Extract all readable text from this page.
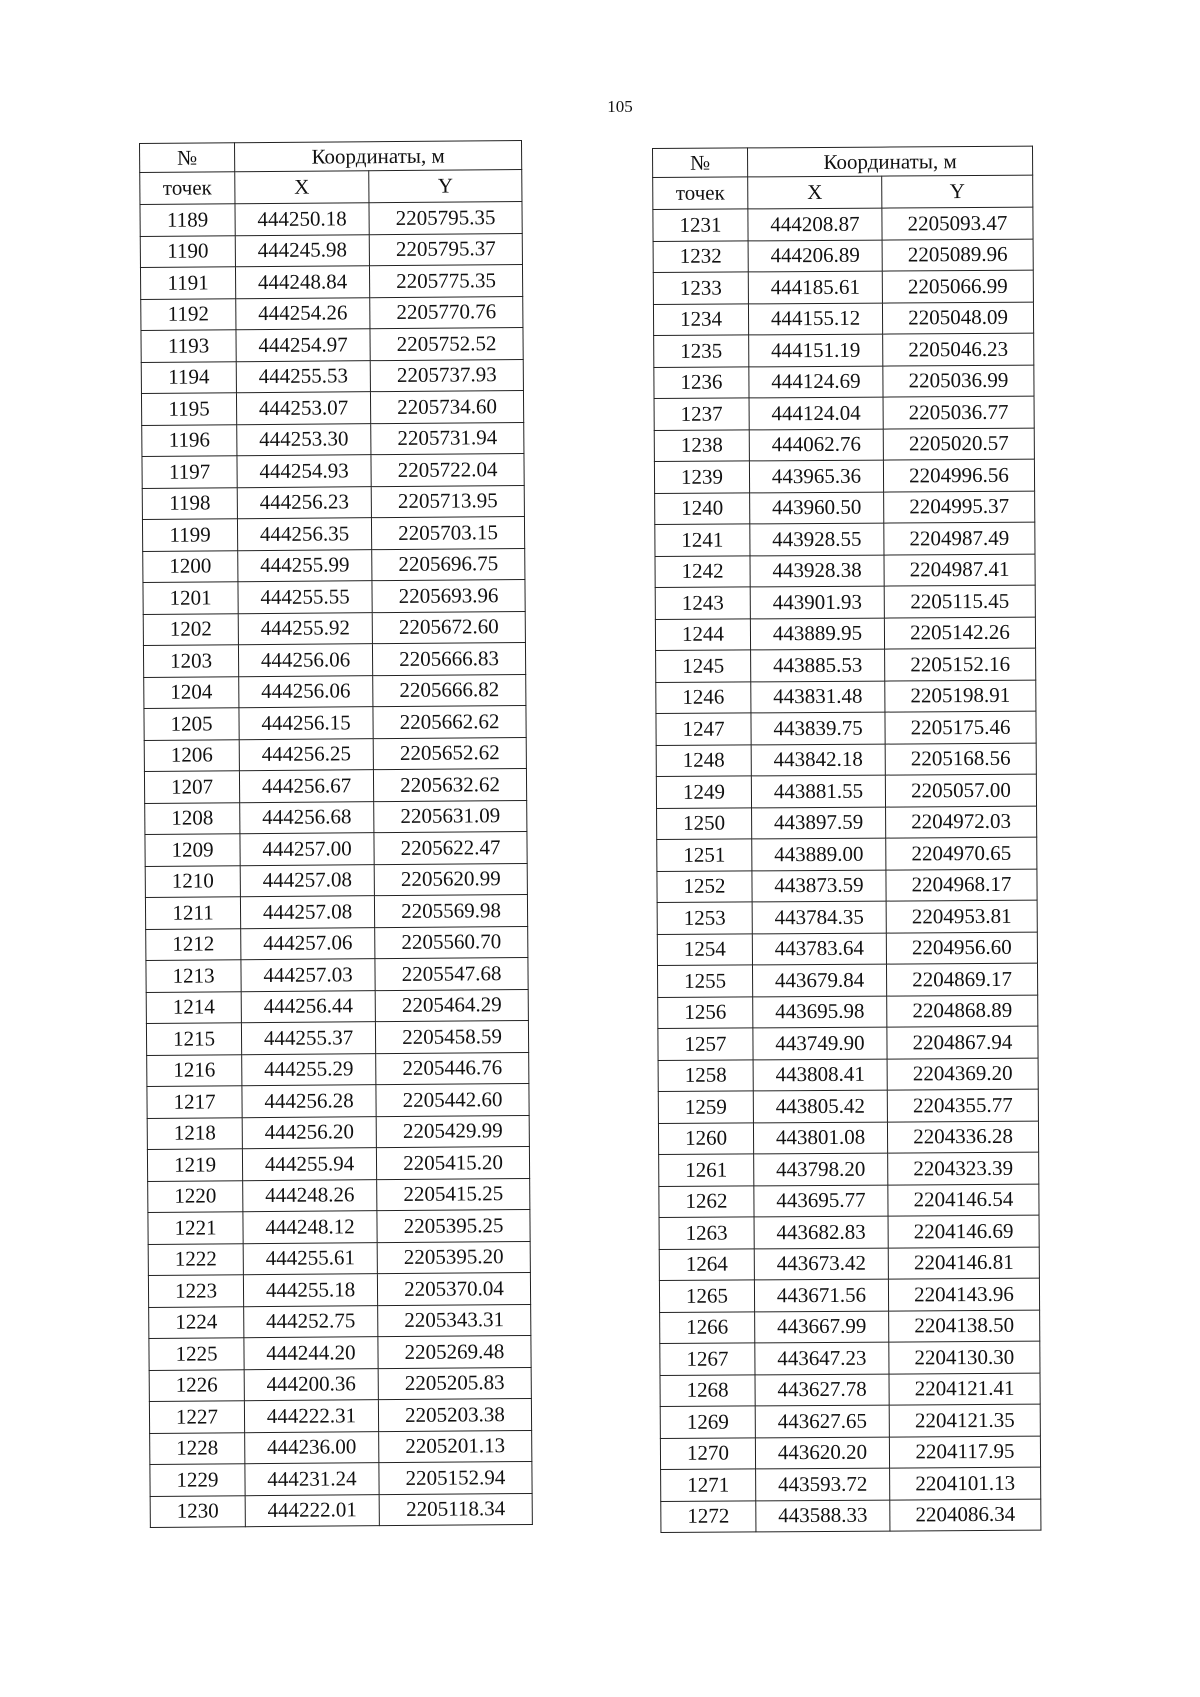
105
№	Координаты, м	
точек	X	Y
1189	444250.18	2205795.35
1190	444245.98	2205795.37
1191	444248.84	2205775.35
1192	444254.26	2205770.76
1193	444254.97	2205752.52
1194	444255.53	2205737.93
1195	444253.07	2205734.60
1196	444253.30	2205731.94
1197	444254.93	2205722.04
1198	444256.23	2205713.95
1199	444256.35	2205703.15
1200	444255.99	2205696.75
1201	444255.55	2205693.96
1202	444255.92	2205672.60
1203	444256.06	2205666.83
1204	444256.06	2205666.82
1205	444256.15	2205662.62
1206	444256.25	2205652.62
1207	444256.67	2205632.62
1208	444256.68	2205631.09
1209	444257.00	2205622.47
1210	444257.08	2205620.99
1211	444257.08	2205569.98
1212	444257.06	2205560.70
1213	444257.03	2205547.68
1214	444256.44	2205464.29
1215	444255.37	2205458.59
1216	444255.29	2205446.76
1217	444256.28	2205442.60
1218	444256.20	2205429.99
1219	444255.94	2205415.20
1220	444248.26	2205415.25
1221	444248.12	2205395.25
1222	444255.61	2205395.20
1223	444255.18	2205370.04
1224	444252.75	2205343.31
1225	444244.20	2205269.48
1226	444200.36	2205205.83
1227	444222.31	2205203.38
1228	444236.00	2205201.13
1229	444231.24	2205152.94
1230	444222.01	2205118.34
№	Координаты, м	
точек	X	Y
1231	444208.87	2205093.47
1232	444206.89	2205089.96
1233	444185.61	2205066.99
1234	444155.12	2205048.09
1235	444151.19	2205046.23
1236	444124.69	2205036.99
1237	444124.04	2205036.77
1238	444062.76	2205020.57
1239	443965.36	2204996.56
1240	443960.50	2204995.37
1241	443928.55	2204987.49
1242	443928.38	2204987.41
1243	443901.93	2205115.45
1244	443889.95	2205142.26
1245	443885.53	2205152.16
1246	443831.48	2205198.91
1247	443839.75	2205175.46
1248	443842.18	2205168.56
1249	443881.55	2205057.00
1250	443897.59	2204972.03
1251	443889.00	2204970.65
1252	443873.59	2204968.17
1253	443784.35	2204953.81
1254	443783.64	2204956.60
1255	443679.84	2204869.17
1256	443695.98	2204868.89
1257	443749.90	2204867.94
1258	443808.41	2204369.20
1259	443805.42	2204355.77
1260	443801.08	2204336.28
1261	443798.20	2204323.39
1262	443695.77	2204146.54
1263	443682.83	2204146.69
1264	443673.42	2204146.81
1265	443671.56	2204143.96
1266	443667.99	2204138.50
1267	443647.23	2204130.30
1268	443627.78	2204121.41
1269	443627.65	2204121.35
1270	443620.20	2204117.95
1271	443593.72	2204101.13
1272	443588.33	2204086.34
